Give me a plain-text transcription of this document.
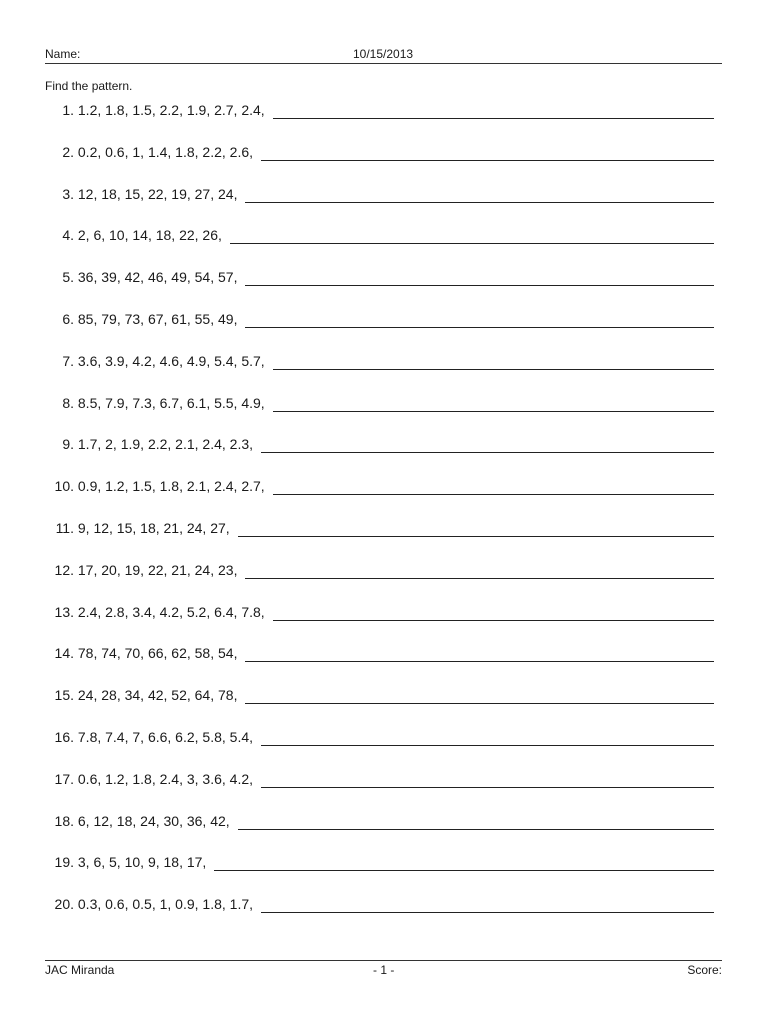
Name:	10/15/2013
Find the pattern.
1. 1.2, 1.8, 1.5, 2.2, 1.9, 2.7, 2.4,
2. 0.2, 0.6, 1, 1.4, 1.8, 2.2, 2.6,
3. 12, 18, 15, 22, 19, 27, 24,
4. 2, 6, 10, 14, 18, 22, 26,
5. 36, 39, 42, 46, 49, 54, 57,
6. 85, 79, 73, 67, 61, 55, 49,
7. 3.6, 3.9, 4.2, 4.6, 4.9, 5.4, 5.7,
8. 8.5, 7.9, 7.3, 6.7, 6.1, 5.5, 4.9,
9. 1.7, 2, 1.9, 2.2, 2.1, 2.4, 2.3,
10. 0.9, 1.2, 1.5, 1.8, 2.1, 2.4, 2.7,
11. 9, 12, 15, 18, 21, 24, 27,
12. 17, 20, 19, 22, 21, 24, 23,
13. 2.4, 2.8, 3.4, 4.2, 5.2, 6.4, 7.8,
14. 78, 74, 70, 66, 62, 58, 54,
15. 24, 28, 34, 42, 52, 64, 78,
16. 7.8, 7.4, 7, 6.6, 6.2, 5.8, 5.4,
17. 0.6, 1.2, 1.8, 2.4, 3, 3.6, 4.2,
18. 6, 12, 18, 24, 30, 36, 42,
19. 3, 6, 5, 10, 9, 18, 17,
20. 0.3, 0.6, 0.5, 1, 0.9, 1.8, 1.7,
JAC Miranda	- 1 -	Score:
